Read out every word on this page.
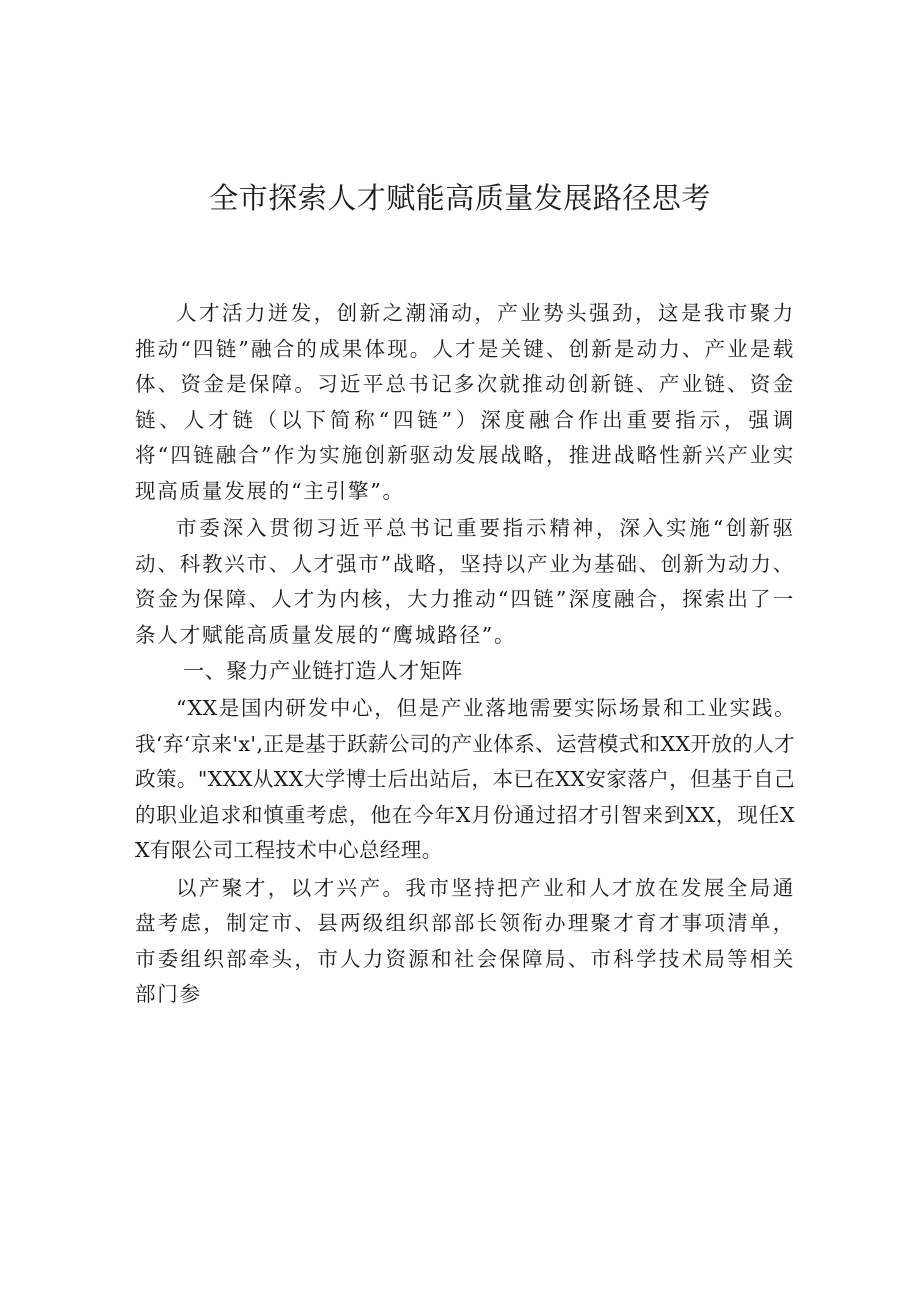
全市探索人才赋能高质量发展路径思考

人才活力迸发，创新之潮涌动，产业势头强劲，这是我市聚力推动“四链”融合的成果体现。人才是关键、创新是动力、产业是载体、资金是保障。习近平总书记多次就推动创新链、产业链、资金链、人才链（以下简称“四链”）深度融合作出重要指示，强调将“四链融合”作为实施创新驱动发展战略，推进战略性新兴产业实现高质量发展的“主引擎”。

市委深入贯彻习近平总书记重要指示精神，深入实施“创新驱动、科教兴市、人才强市”战略，坚持以产业为基础、创新为动力、资金为保障、人才为内核，大力推动“四链”深度融合，探索出了一条人才赋能高质量发展的“鹰城路径”。

一、聚力产业链打造人才矩阵

“XX是国内研发中心，但是产业落地需要实际场景和工业实践。我‘弃‘京来'x',正是基于跃薪公司的产业体系、运营模式和XX开放的人才政策。"XXX从XX大学博士后出站后，本已在XX安家落户，但基于自己的职业追求和慎重考虑，他在今年X月份通过招才引智来到XX，现任XX有限公司工程技术中心总经理。

以产聚才，以才兴产。我市坚持把产业和人才放在发展全局通盘考虑，制定市、县两级组织部部长领衔办理聚才育才事项清单，市委组织部牵头，市人力资源和社会保障局、市科学技术局等相关部门参
